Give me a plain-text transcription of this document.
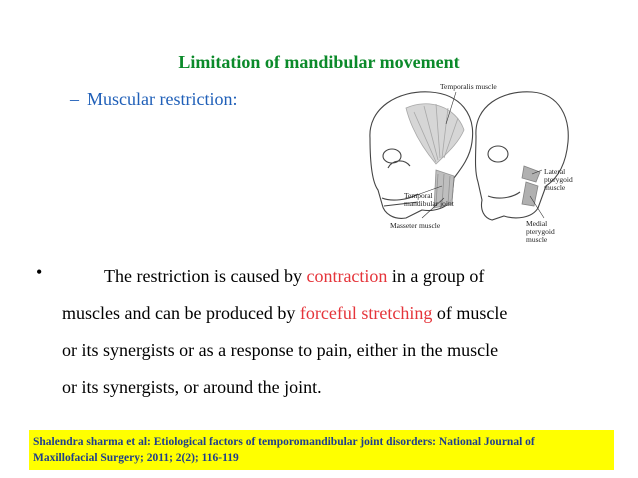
Limitation of mandibular movement
– Muscular restriction:
Temporalis muscle
Temporal
mandibular joint
Masseter muscle
Lateral
pterygoid
muscle
Medial
pterygoid
muscle
•	The restriction is caused by contraction in a group of
muscles and can be produced by forceful stretching of muscle
or its synergists or as a response to pain, either in the muscle
or its synergists, or around the joint.
Shalendra sharma et al: Etiological factors of temporomandibular joint disorders: National Journal of
Maxillofacial Surgery; 2011; 2(2); 116-119
